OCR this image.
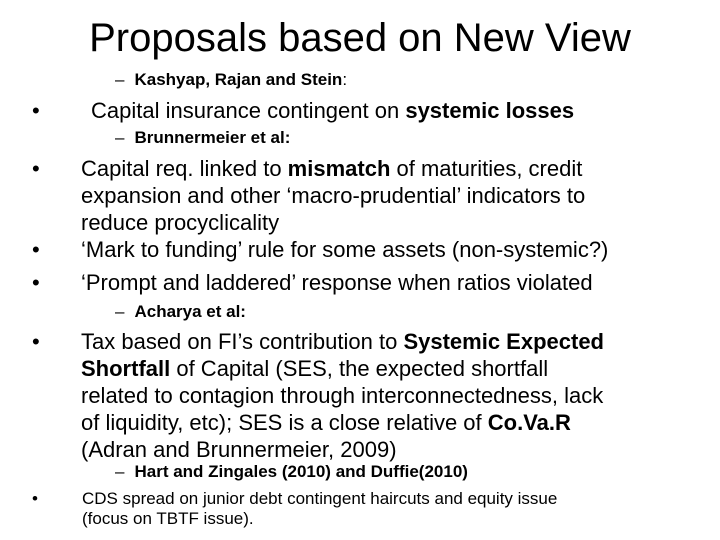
Proposals based on New View
– Kashyap, Rajan and Stein:
• Capital insurance contingent on systemic losses
– Brunnermeier et al:
• Capital req. linked to mismatch of maturities, credit
expansion and other ‘macro-prudential’ indicators to
reduce procyclicality
• ‘Mark to funding’ rule for some assets (non-systemic?)
• ‘Prompt and laddered’ response when ratios violated
– Acharya et al:
• Tax based on FI’s contribution to Systemic Expected
Shortfall of Capital (SES, the expected shortfall
related to contagion through interconnectedness, lack
of liquidity, etc); SES is a close relative of Co.Va.R
(Adran and Brunnermeier, 2009)
– Hart and Zingales (2010) and Duffie(2010)
•	CDS spread on junior debt contingent haircuts and equity issue
(focus on TBTF issue).
